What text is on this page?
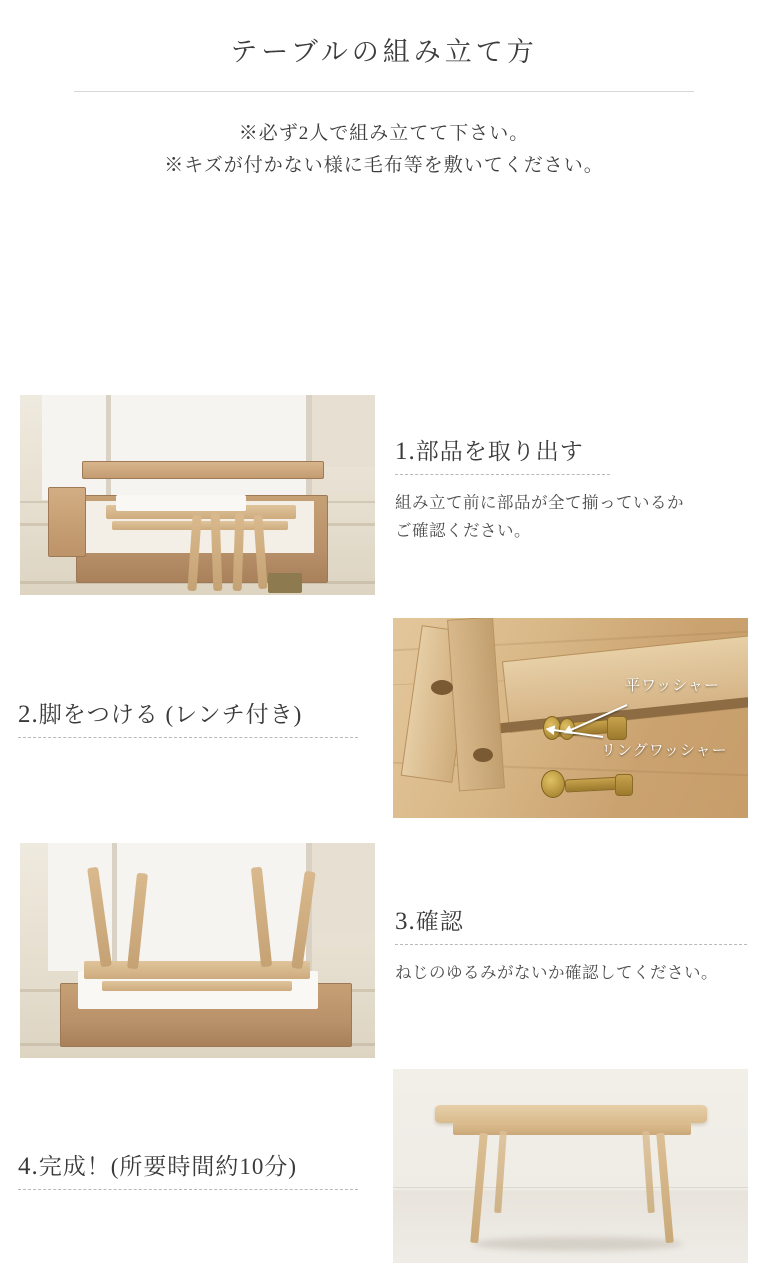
テーブルの組み立て方
※必ず2人で組み立てて下さい。
※キズが付かない様に毛布等を敷いてください。
1.部品を取り出す
組み立て前に部品が全て揃っているか
ご確認ください。
平ワッシャー
リングワッシャー
2.脚をつける (レンチ付き)
3.確認
ねじのゆるみがないか確認してください。
4.完成！(所要時間約10分)
